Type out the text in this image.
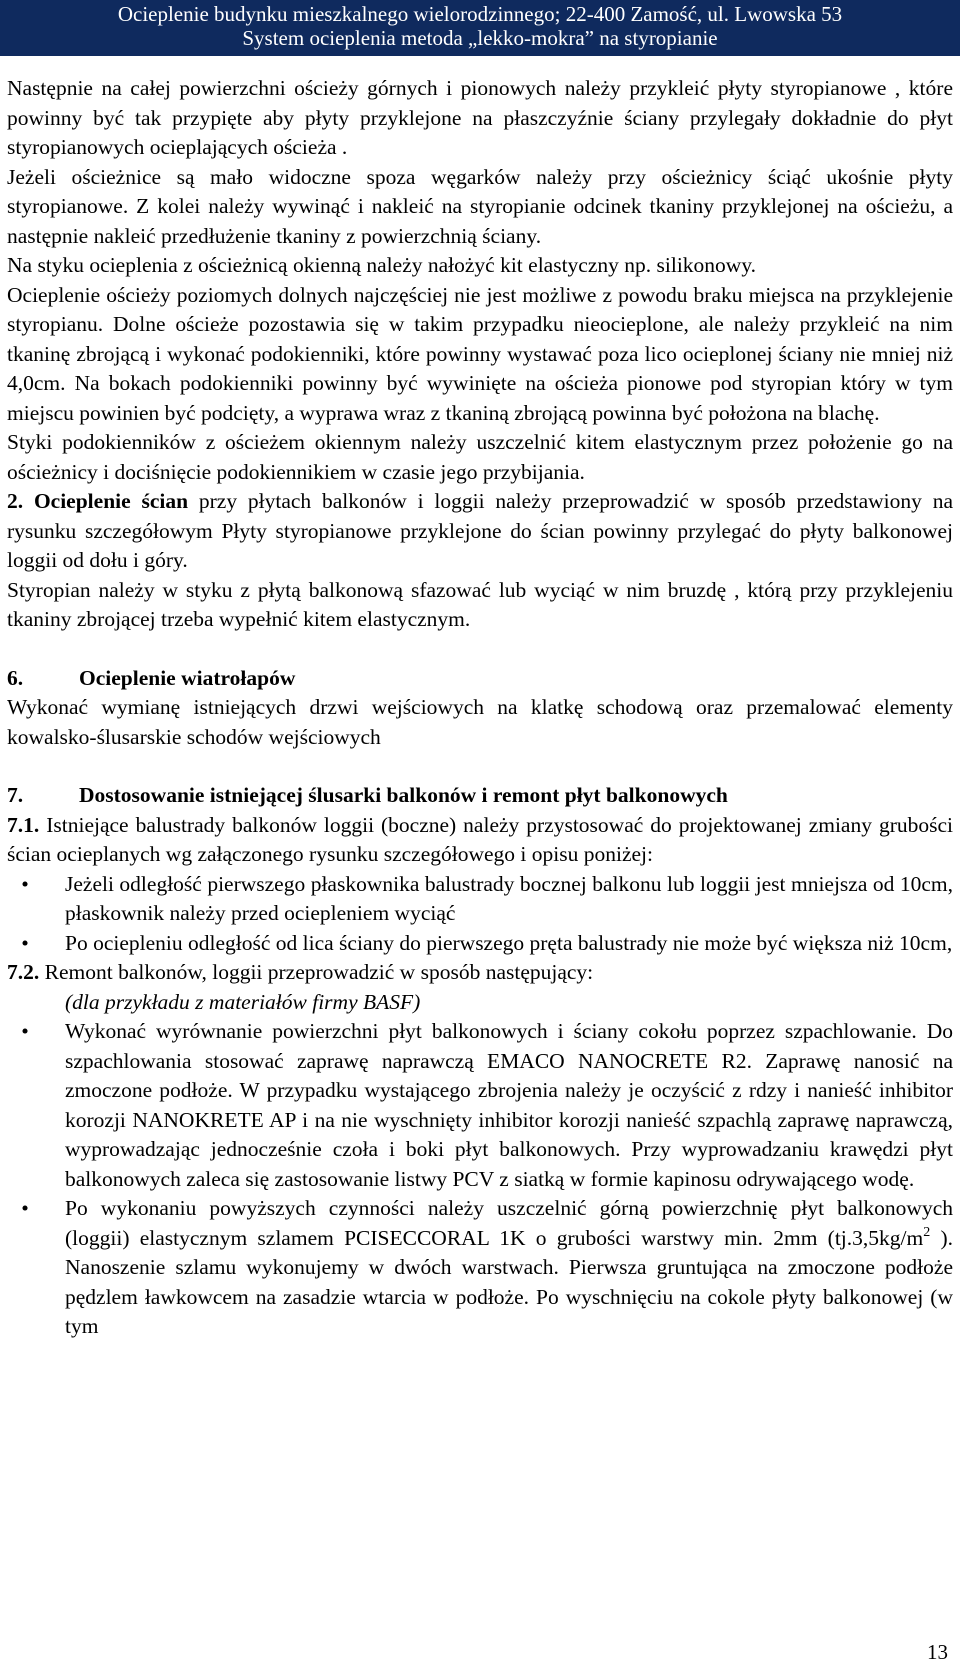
Ocieplenie budynku mieszkalnego wielorodzinnego; 22-400 Zamość, ul. Lwowska 53
System ocieplenia metoda „lekko-mokra” na styropianie

Następnie na całej powierzchni ościeży górnych i pionowych należy przykleić płyty styropianowe , które powinny być tak przypięte aby płyty przyklejone na płaszczyźnie ściany przylegały dokładnie do płyt styropianowych ocieplających ościeża .

Jeżeli ościeżnice są mało widoczne spoza węgarków należy przy ościeżnicy ściąć ukośnie płyty styropianowe. Z kolei należy wywinąć i nakleić na styropianie odcinek tkaniny przyklejonej na ościeżu, a następnie nakleić przedłużenie tkaniny z powierzchnią ściany.

Na styku ocieplenia z ościeżnicą okienną należy nałożyć kit elastyczny np. silikonowy.

Ocieplenie ościeży poziomych dolnych najczęściej nie jest możliwe z powodu braku miejsca na przyklejenie styropianu. Dolne ościeże pozostawia się w takim przypadku nieocieplone, ale należy przykleić na nim tkaninę zbrojącą i wykonać podokienniki, które powinny wystawać poza lico ocieplonej ściany nie mniej niż 4,0cm. Na bokach podokienniki powinny być wywinięte na ościeża pionowe pod styropian który w tym miejscu powinien być podcięty, a wyprawa wraz z tkaniną zbrojącą powinna być położona na blachę.

Styki podokienników z ościeżem okiennym należy uszczelnić kitem elastycznym przez położenie go na ościeżnicy i dociśnięcie podokiennikiem w czasie jego przybijania.

2. Ocieplenie ścian przy płytach balkonów i loggii należy przeprowadzić w sposób przedstawiony na rysunku szczegółowym Płyty styropianowe przyklejone do ścian powinny przylegać do płyty balkonowej loggii od dołu i góry.

Styropian należy w styku z płytą balkonową sfazować lub wyciąć w nim bruzdę , którą przy przyklejeniu tkaniny zbrojącej trzeba wypełnić kitem elastycznym.

6.	Ocieplenie wiatrołapów

Wykonać wymianę istniejących drzwi wejściowych na klatkę schodową oraz przemalować elementy kowalsko-ślusarskie schodów wejściowych

7.	Dostosowanie istniejącej ślusarki balkonów i remont płyt balkonowych

7.1. Istniejące balustrady balkonów loggii (boczne) należy przystosować do projektowanej zmiany grubości ścian ocieplanych wg załączonego rysunku szczegółowego i opisu poniżej:

• Jeżeli odległość pierwszego płaskownika balustrady bocznej balkonu lub loggii jest mniejsza od 10cm, płaskownik należy przed ociepleniem wyciąć
• Po ociepleniu odległość od lica ściany do pierwszego pręta balustrady nie może być większa niż 10cm,

7.2. Remont balkonów, loggii przeprowadzić w sposób następujący:

(dla przykładu z materiałów firmy BASF)

• Wykonać wyrównanie powierzchni płyt balkonowych i ściany cokołu poprzez szpachlowanie. Do szpachlowania stosować zaprawę naprawczą EMACO NANOCRETE R2. Zaprawę nanosić na zmoczone podłoże. W przypadku wystającego zbrojenia należy je oczyścić z rdzy i nanieść inhibitor korozji NANOKRETE AP i na nie wyschnięty inhibitor korozji nanieść szpachlą zaprawę naprawczą, wyprowadzając jednocześnie czoła i boki płyt balkonowych. Przy wyprowadzaniu krawędzi płyt balkonowych zaleca się zastosowanie listwy PCV z siatką w formie kapinosu odrywającego wodę.
• Po wykonaniu powyższych czynności należy uszczelnić górną powierzchnię płyt balkonowych (loggii) elastycznym szlamem PCISECCORAL 1K o grubości warstwy min. 2mm ($tj.3,5kg/m^2$ ). Nanoszenie szlamu wykonujemy w dwóch warstwach. Pierwsza gruntująca na zmoczone podłoże pędzlem ławkowcem na zasadzie wtarcia w podłoże. Po wyschnięciu na cokole płyty balkonowej (w tym
13
